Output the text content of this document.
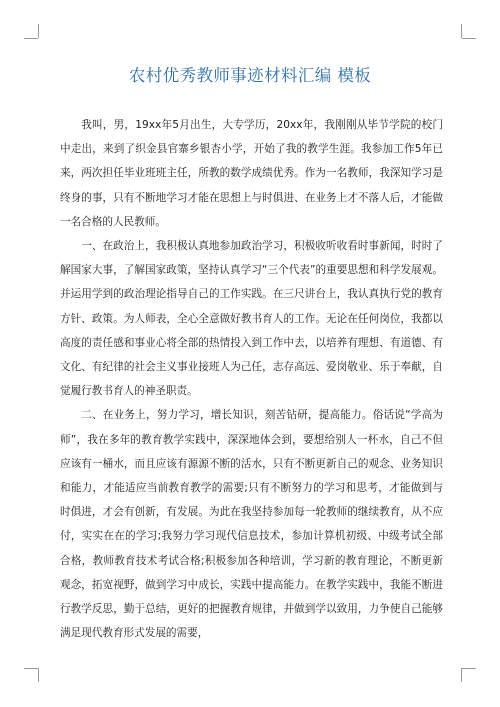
农村优秀教师事迹材料汇编 模板

我叫，男，19xx年5月出生，大专学历，20xx年，我刚刚从毕节学院的校门中走出，来到了织金县官寨乡银杏小学，开始了我的教学生涯。我参加工作5年已来，两次担任毕业班班主任，所教的数学成绩优秀。作为一名教师，我深知学习是终身的事，只有不断地学习才能在思想上与时俱进、在业务上才不落人后，才能做一名合格的人民教师。

一、在政治上，我积极认真地参加政治学习，积极收听收看时事新闻，时时了解国家大事，了解国家政策，坚持认真学习“三个代表”的重要思想和科学发展观。并运用学到的政治理论指导自己的工作实践。在三尺讲台上，我认真执行党的教育方针、政策。为人师表，全心全意做好教书育人的工作。无论在任何岗位，我都以高度的责任感和事业心将全部的热情投入到工作中去，以培养有理想、有道德、有文化、有纪律的社会主义事业接班人为己任，志存高远、爱岗敬业、乐于奉献，自觉履行教书育人的神圣职责。

二、在业务上，努力学习，增长知识，刻苦钻研，提高能力。俗话说“学高为师”，我在多年的教育教学实践中，深深地体会到，要想给别人一杯水，自己不但应该有一桶水，而且应该有源源不断的活水，只有不断更新自己的观念、业务知识和能力，才能适应当前教育教学的需要;只有不断努力的学习和思考，才能做到与时俱进，才会有创新，有发展。为此在我坚持参加每一轮教师的继续教育，从不应付，实实在在的学习;我努力学习现代信息技术，参加计算机初级、中级考试全部合格，教师教育技术考试合格;积极参加各种培训，学习新的教育理论，不断更新观念，拓宽视野，做到学习中成长，实践中提高能力。在教学实践中，我能不断进行教学反思，勤于总结，更好的把握教育规律，并做到学以致用，力争使自己能够满足现代教育形式发展的需要，
